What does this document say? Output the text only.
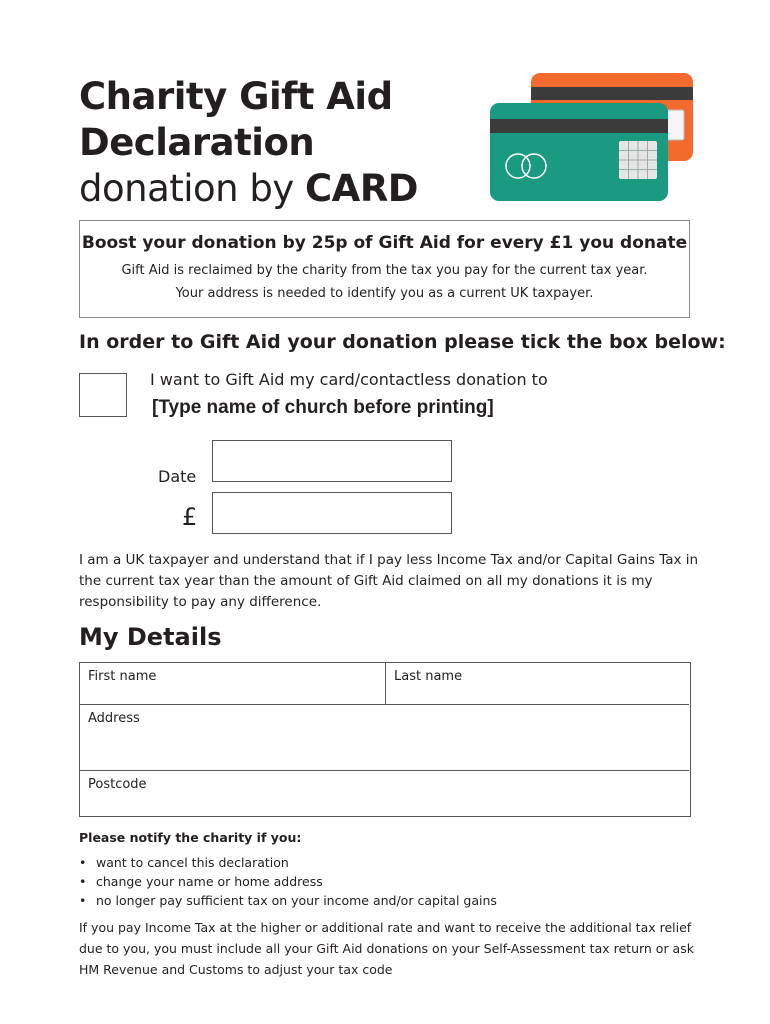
Charity Gift Aid
Declaration
donation by CARD
Boost your donation by 25p of Gift Aid for every £1 you donate
Gift Aid is reclaimed by the charity from the tax you pay for the current tax year.
Your address is needed to identify you as a current UK taxpayer.
In order to Gift Aid your donation please tick the box below:
I want to Gift Aid my card/contactless donation to
[Type name of church before printing]
Date
£
I am a UK taxpayer and understand that if I pay less Income Tax and/or Capital Gains Tax in the current tax year than the amount of Gift Aid claimed on all my donations it is my responsibility to pay any difference.
My Details
First name	Last name
Address
Postcode
Please notify the charity if you:
• want to cancel this declaration
• change your name or home address
• no longer pay sufficient tax on your income and/or capital gains
If you pay Income Tax at the higher or additional rate and want to receive the additional tax relief due to you, you must include all your Gift Aid donations on your Self-Assessment tax return or ask HM Revenue and Customs to adjust your tax code
